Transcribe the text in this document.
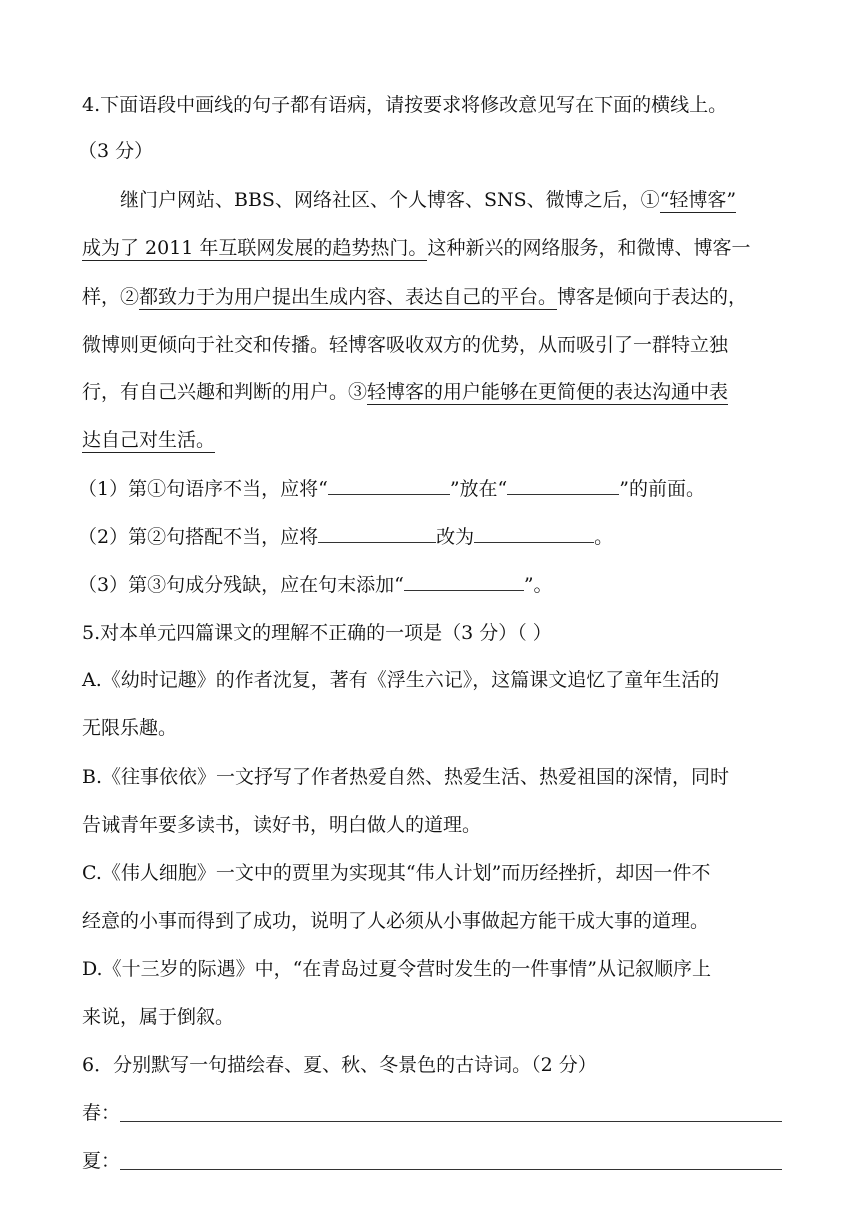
4.下面语段中画线的句子都有语病，请按要求将修改意见写在下面的横线上。
（3 分）
继门户网站、BBS、网络社区、个人博客、SNS、微博之后，①“轻博客”
成为了 2011 年互联网发展的趋势热门。这种新兴的网络服务，和微博、博客一
样，②都致力于为用户提出生成内容、表达自己的平台。博客是倾向于表达的，
微博则更倾向于社交和传播。轻博客吸收双方的优势，从而吸引了一群特立独
行，有自己兴趣和判断的用户。③轻博客的用户能够在更简便的表达沟通中表
达自己对生活。
（1）第①句语序不当，应将“	”放在“	”的前面。
（2）第②句搭配不当，应将	改为	。
（3）第③句成分残缺，应在句末添加“	”。
5.对本单元四篇课文的理解不正确的一项是（3 分）（ ）
A.《幼时记趣》的作者沈复，著有《浮生六记》，这篇课文追忆了童年生活的
无限乐趣。
B.《往事依依》一文抒写了作者热爱自然、热爱生活、热爱祖国的深情，同时
告诫青年要多读书，读好书，明白做人的道理。
C.《伟人细胞》一文中的贾里为实现其“伟人计划”而历经挫折，却因一件不
经意的小事而得到了成功，说明了人必须从小事做起方能干成大事的道理。
D.《十三岁的际遇》中，“在青岛过夏令营时发生的一件事情”从记叙顺序上
来说，属于倒叙。
6．分别默写一句描绘春、夏、秋、冬景色的古诗词。（2 分）
春：
夏：
